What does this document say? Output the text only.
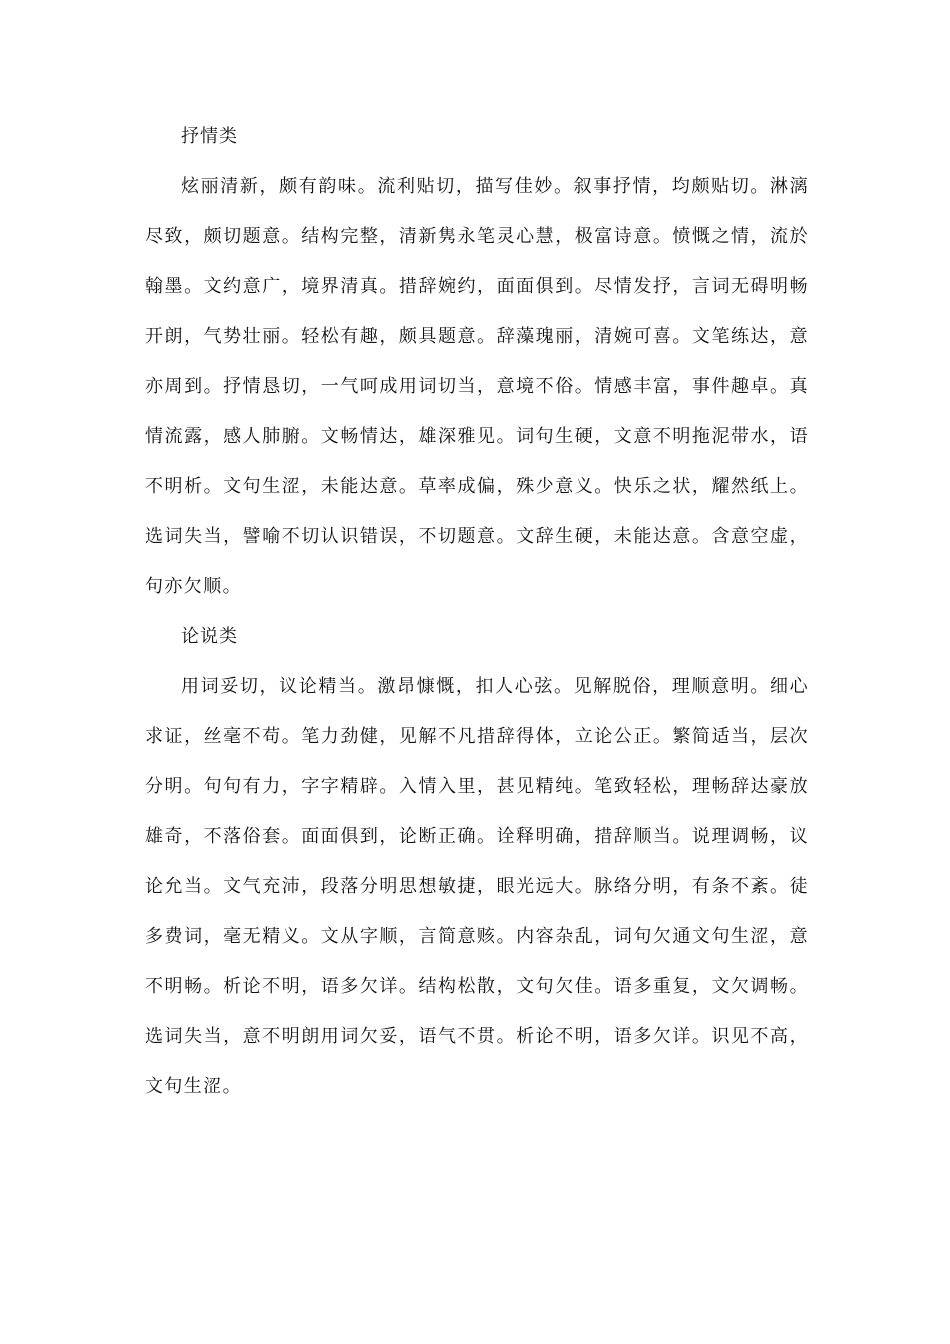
抒情类

炫丽清新，颇有韵味。流利贴切，描写佳妙。叙事抒情，均颇贴切。淋漓尽致，颇切题意。结构完整，清新隽永笔灵心慧，极富诗意。愤慨之情，流於翰墨。文约意广，境界清真。措辞婉约，面面俱到。尽情发抒，言词无碍明畅开朗，气势壮丽。轻松有趣，颇具题意。辞藻瑰丽，清婉可喜。文笔练达，意亦周到。抒情恳切，一气呵成用词切当，意境不俗。情感丰富，事件趣卓。真情流露，感人肺腑。文畅情达，雄深雅见。词句生硬，文意不明拖泥带水，语不明析。文句生涩，未能达意。草率成偏，殊少意义。快乐之状，耀然纸上。选词失当，譬喻不切认识错误，不切题意。文辞生硬，未能达意。含意空虚，句亦欠顺。

论说类

用词妥切，议论精当。激昂慷慨，扣人心弦。见解脱俗，理顺意明。细心求证，丝毫不苟。笔力劲健，见解不凡措辞得体，立论公正。繁简适当，层次分明。句句有力，字字精辟。入情入里，甚见精纯。笔致轻松，理畅辞达豪放雄奇，不落俗套。面面俱到，论断正确。诠释明确，措辞顺当。说理调畅，议论允当。文气充沛，段落分明思想敏捷，眼光远大。脉络分明，有条不紊。徒多费词，毫无精义。文从字顺，言简意赅。内容杂乱，词句欠通文句生涩，意不明畅。析论不明，语多欠详。结构松散，文句欠佳。语多重复，文欠调畅。选词失当，意不明朗用词欠妥，语气不贯。析论不明，语多欠详。识见不高，文句生涩。
